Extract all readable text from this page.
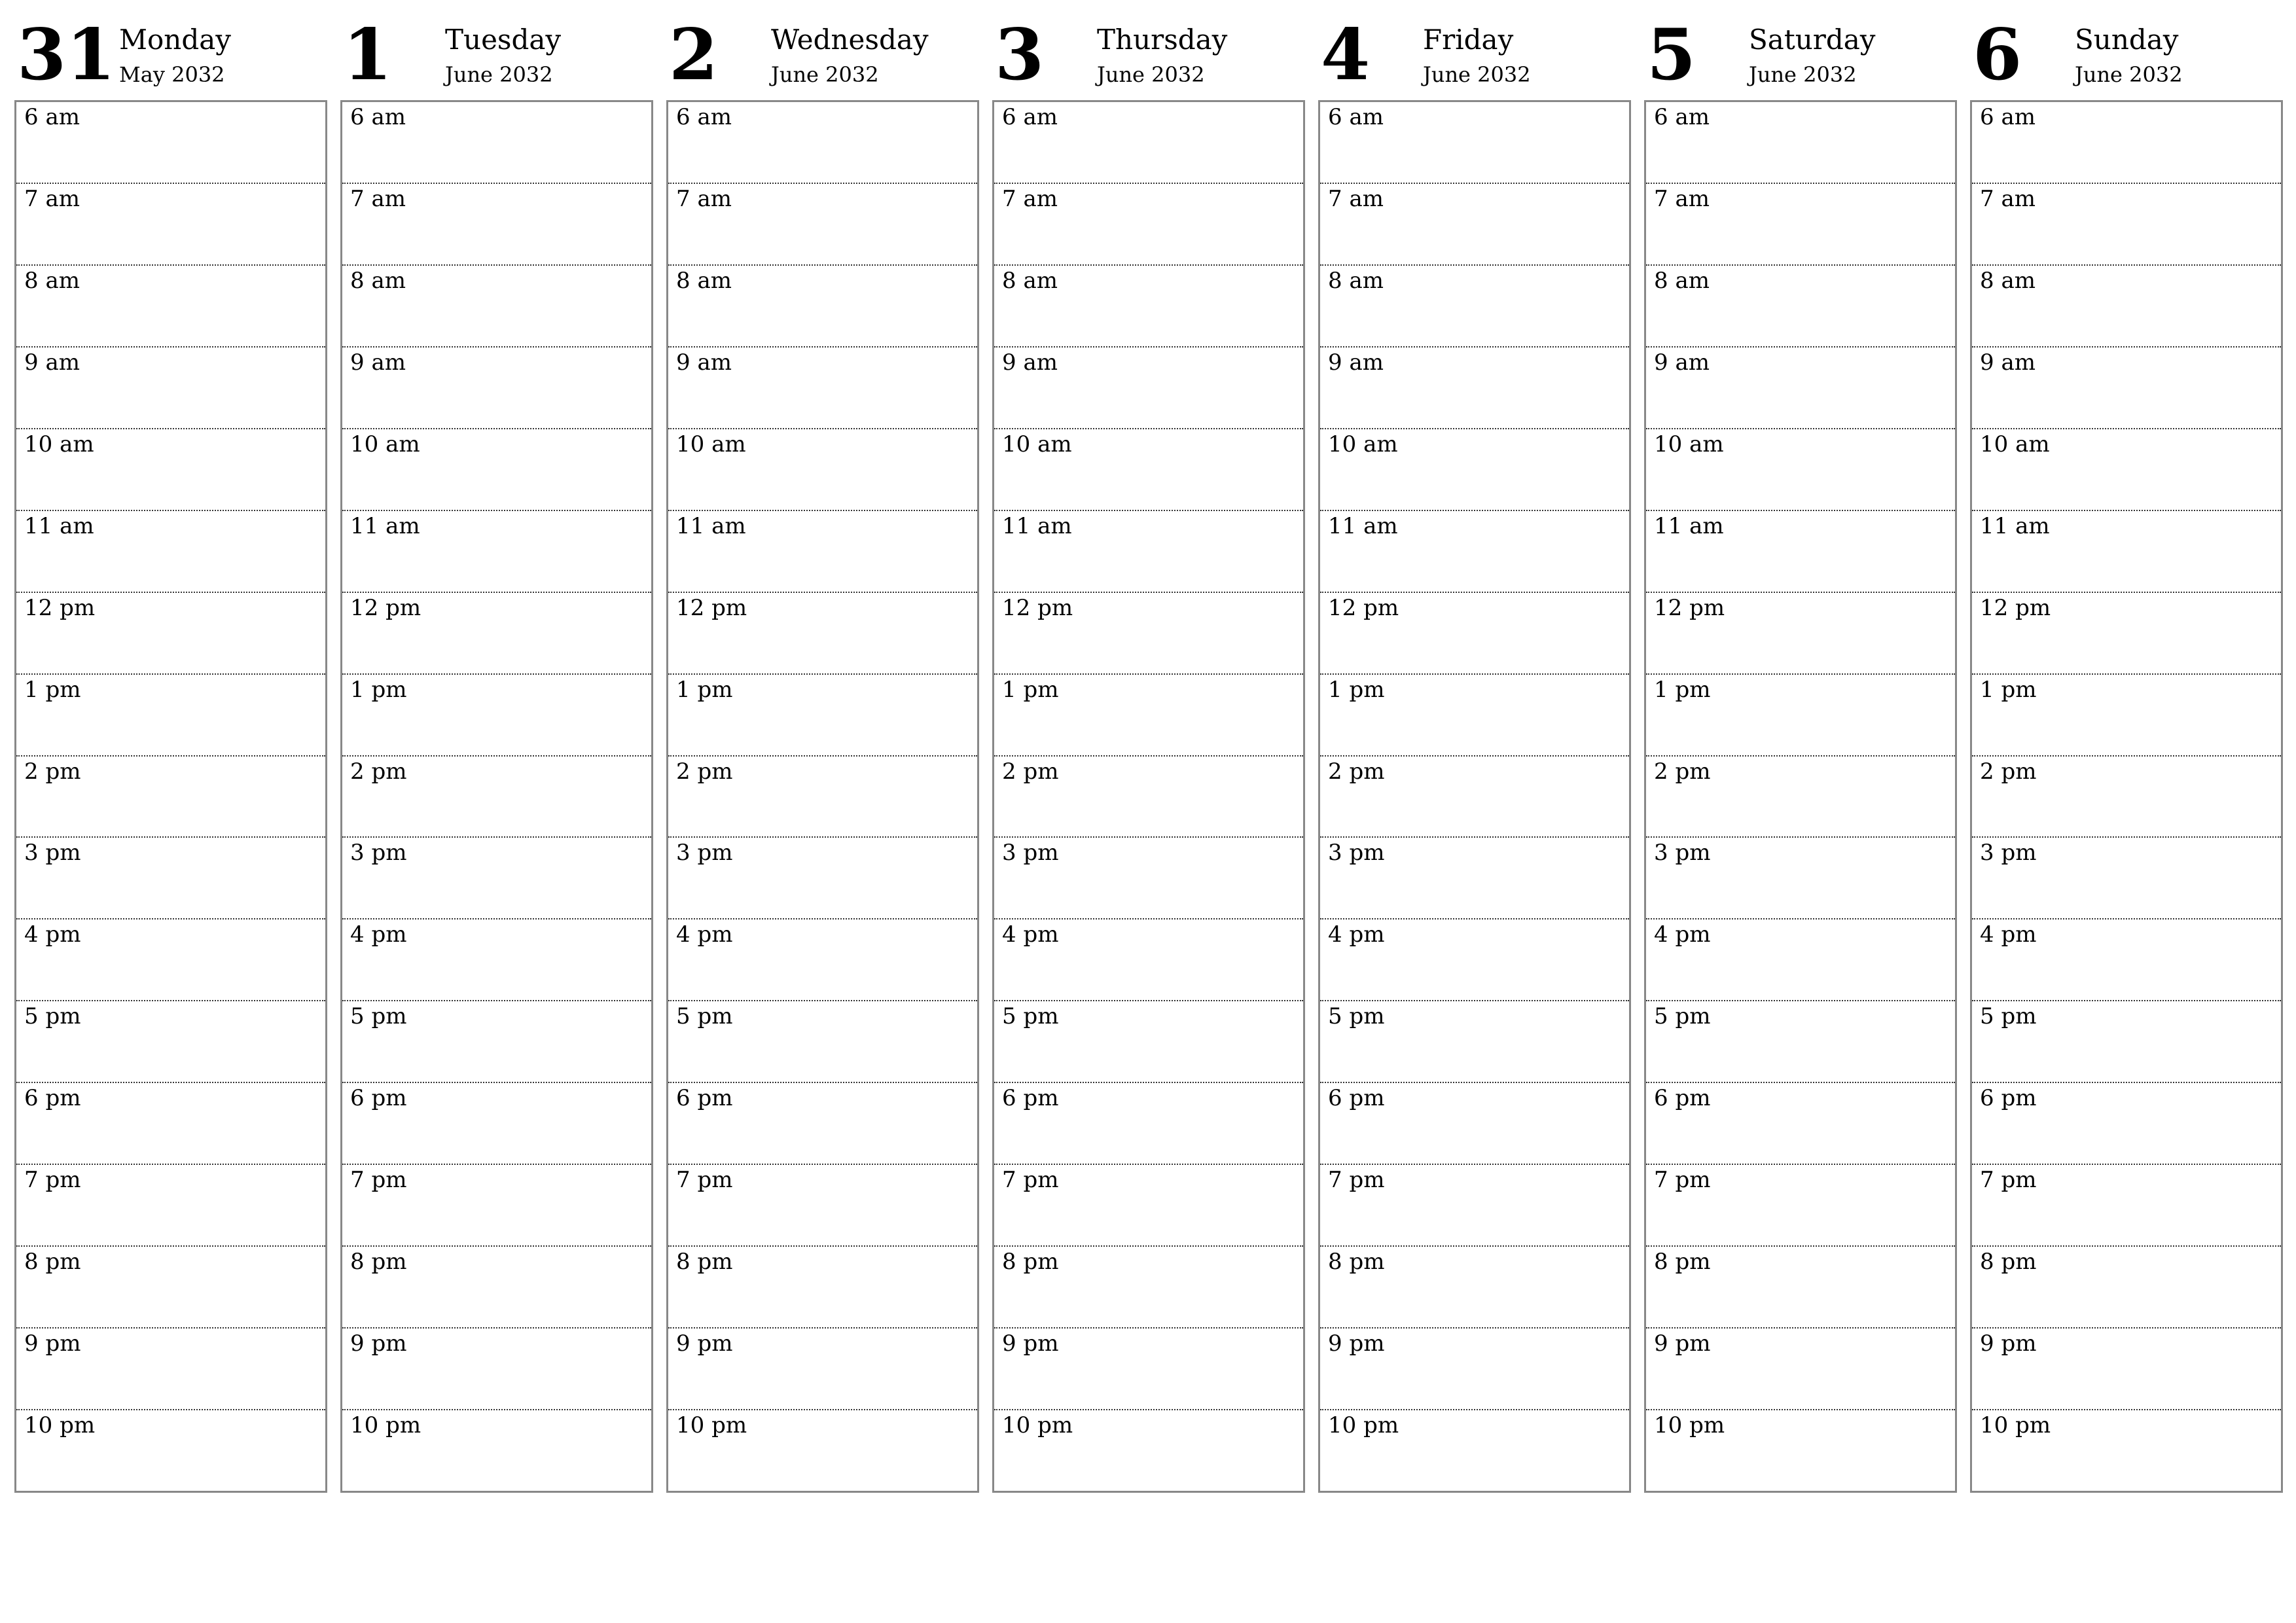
31 Monday
May 2032
6 am
7 am
8 am
9 am
10 am
11 am
12 pm
1 pm
2 pm
3 pm
4 pm
5 pm
6 pm
7 pm
8 pm
9 pm
10 pm
1 Tuesday
June 2032
6 am
7 am
8 am
9 am
10 am
11 am
12 pm
1 pm
2 pm
3 pm
4 pm
5 pm
6 pm
7 pm
8 pm
9 pm
10 pm
2 Wednesday
June 2032
6 am
7 am
8 am
9 am
10 am
11 am
12 pm
1 pm
2 pm
3 pm
4 pm
5 pm
6 pm
7 pm
8 pm
9 pm
10 pm
3 Thursday
June 2032
6 am
7 am
8 am
9 am
10 am
11 am
12 pm
1 pm
2 pm
3 pm
4 pm
5 pm
6 pm
7 pm
8 pm
9 pm
10 pm
4 Friday
June 2032
6 am
7 am
8 am
9 am
10 am
11 am
12 pm
1 pm
2 pm
3 pm
4 pm
5 pm
6 pm
7 pm
8 pm
9 pm
10 pm
5 Saturday
June 2032
6 am
7 am
8 am
9 am
10 am
11 am
12 pm
1 pm
2 pm
3 pm
4 pm
5 pm
6 pm
7 pm
8 pm
9 pm
10 pm
6 Sunday
June 2032
6 am
7 am
8 am
9 am
10 am
11 am
12 pm
1 pm
2 pm
3 pm
4 pm
5 pm
6 pm
7 pm
8 pm
9 pm
10 pm
